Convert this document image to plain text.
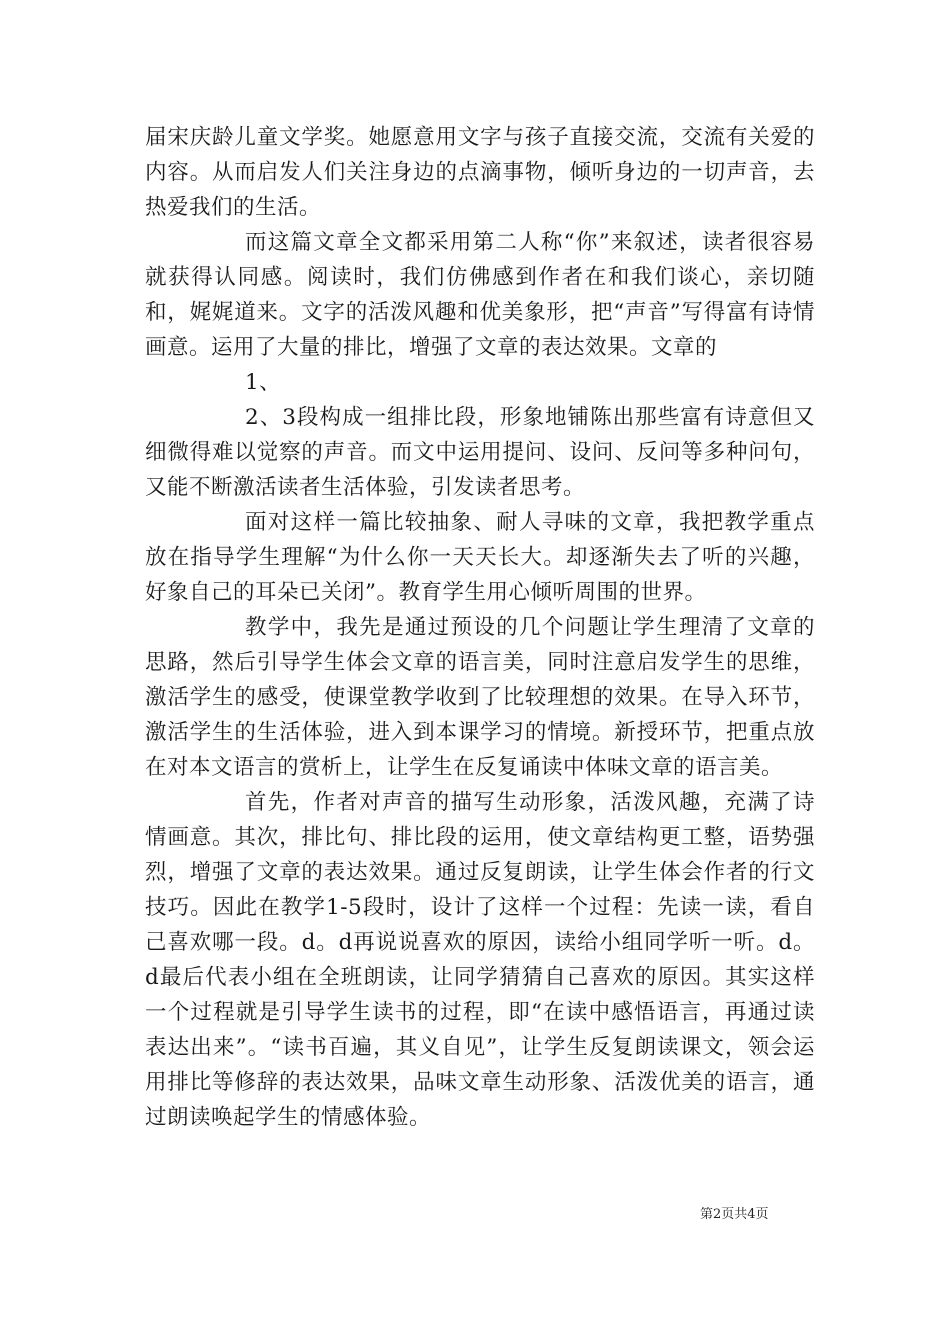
届宋庆龄儿童文学奖。她愿意用文字与孩子直接交流，交流有关爱的内容。从而启发人们关注身边的点滴事物，倾听身边的一切声音，去热爱我们的生活。

而这篇文章全文都采用第二人称“你”来叙述，读者很容易就获得认同感。阅读时，我们仿佛感到作者在和我们谈心，亲切随和，娓娓道来。文字的活泼风趣和优美象形，把“声音”写得富有诗情画意。运用了大量的排比，增强了文章的表达效果。文章的

1、

2、3段构成一组排比段，形象地铺陈出那些富有诗意但又细微得难以觉察的声音。而文中运用提问、设问、反问等多种问句，又能不断激活读者生活体验，引发读者思考。

面对这样一篇比较抽象、耐人寻味的文章，我把教学重点放在指导学生理解“为什么你一天天长大。却逐渐失去了听的兴趣，好象自己的耳朵已关闭”。教育学生用心倾听周围的世界。

教学中，我先是通过预设的几个问题让学生理清了文章的思路，然后引导学生体会文章的语言美，同时注意启发学生的思维，激活学生的感受，使课堂教学收到了比较理想的效果。在导入环节，激活学生的生活体验，进入到本课学习的情境。新授环节，把重点放在对本文语言的赏析上，让学生在反复诵读中体味文章的语言美。

首先，作者对声音的描写生动形象，活泼风趣，充满了诗情画意。其次，排比句、排比段的运用，使文章结构更工整，语势强烈，增强了文章的表达效果。通过反复朗读，让学生体会作者的行文技巧。因此在教学1-5段时，设计了这样一个过程：先读一读，看自己喜欢哪一段。d。d再说说喜欢的原因，读给小组同学听一听。d。d最后代表小组在全班朗读，让同学猜猜自己喜欢的原因。其实这样一个过程就是引导学生读书的过程，即“在读中感悟语言，再通过读表达出来”。“读书百遍，其义自见”，让学生反复朗读课文，领会运用排比等修辞的表达效果，品味文章生动形象、活泼优美的语言，通过朗读唤起学生的情感体验。

第2页共4页
